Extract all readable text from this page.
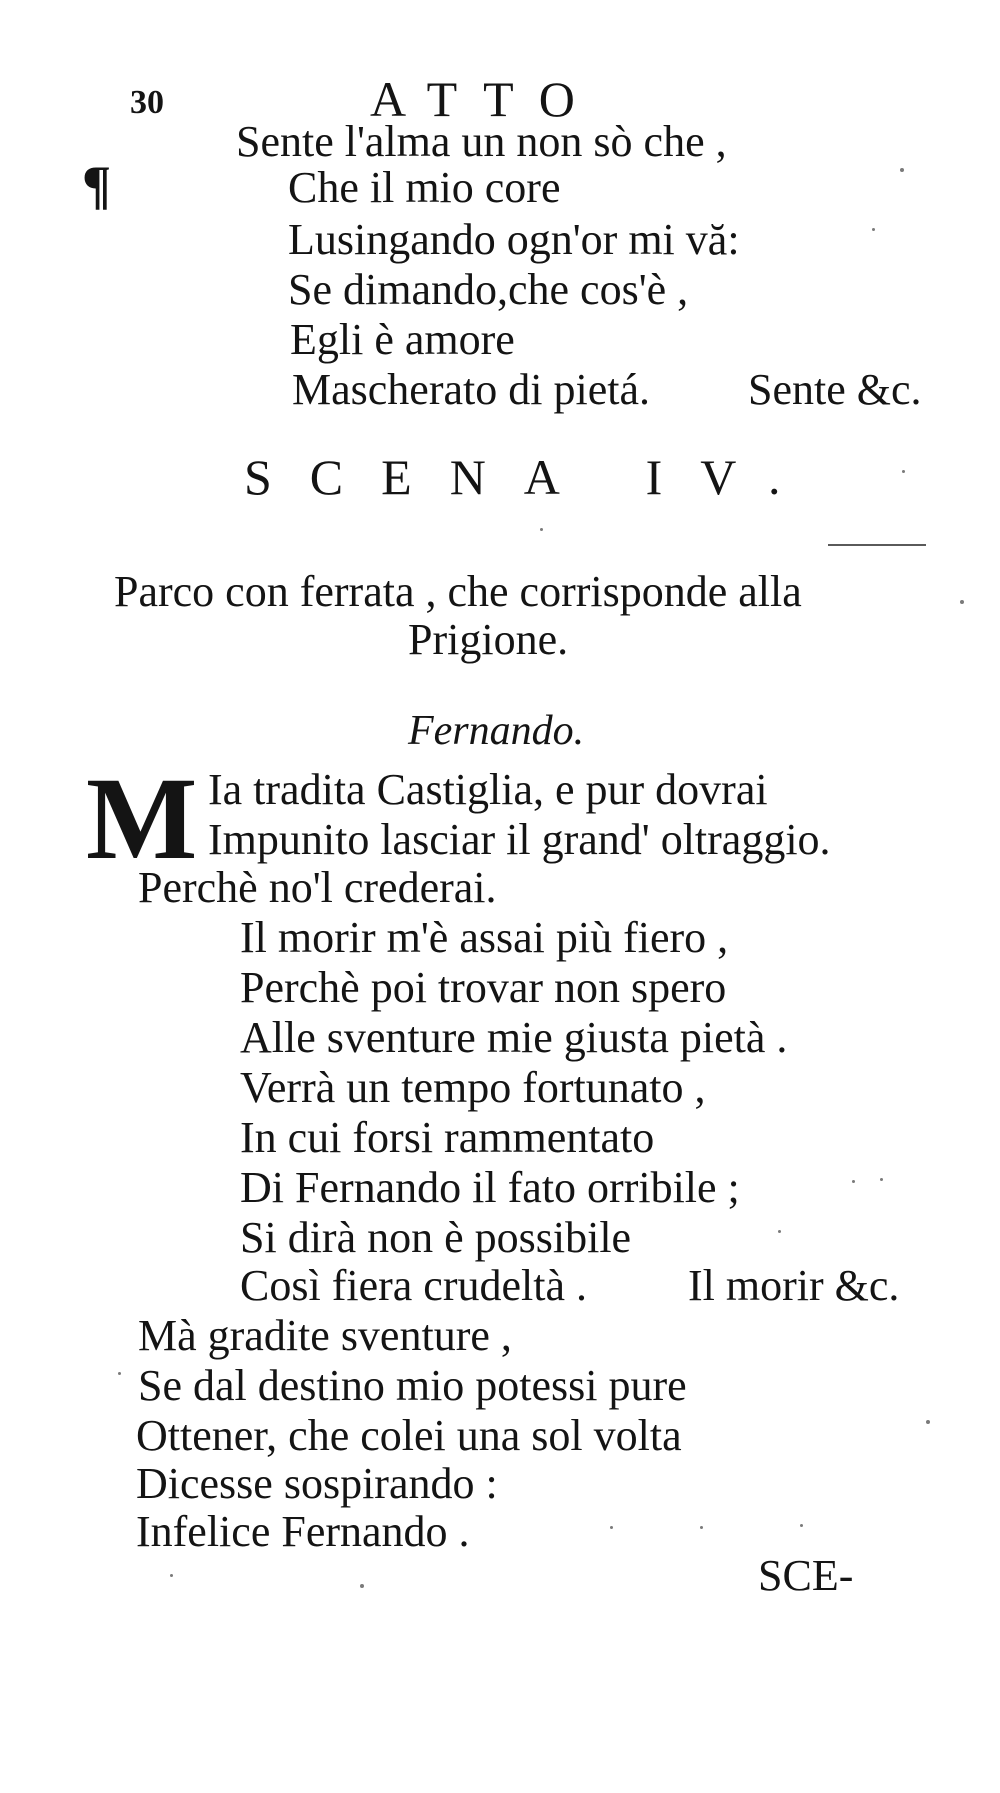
30	ATTO
¶
Sente l'alma un non sò che ,
Che il mio core
Lusingando ogn'or mi vă:
Se dimando,che cos'è ,
Egli è amore
Mascherato di pietá. Sente &c.
SCENA IV.
Parco con ferrata , che corrisponde alla
Prigione.
Fernando.
M Ia tradita Castiglia, e pur dovrai
Impunito lasciar il grand' oltraggio.
Perchè no'l crederai.
Il morir m'è assai più fiero ,
Perchè poi trovar non spero
Alle sventure mie giusta pietà .
Verrà un tempo fortunato ,
In cui forsi rammentato
Di Fernando il fato orribile ;
Si dirà non è possibile
Così fiera crudeltà . Il morir &c.
Mà gradite sventure ,
Se dal destino mio potessi pure
Ottener, che colei una sol volta
Dicesse sospirando :
Infelice Fernando .
SCE-
